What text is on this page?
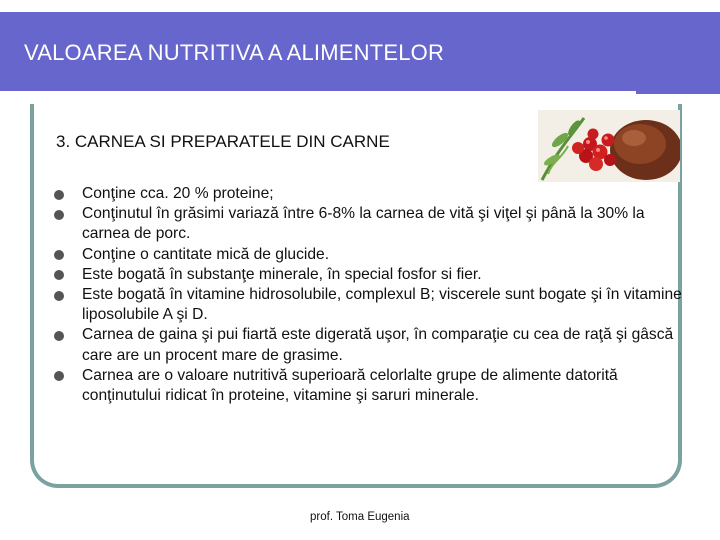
VALOAREA NUTRITIVA A ALIMENTELOR
3. CARNEA SI PREPARATELE DIN CARNE
Conţine cca. 20 % proteine;
Conţinutul în grăsimi variază între 6-8% la carnea de vită şi viţel şi până la 30% la carnea de porc.
Conţine o cantitate mică de glucide.
Este bogată în substanţe minerale, în special fosfor si fier.
Este bogată în vitamine hidrosolubile, complexul B; viscerele sunt bogate şi în vitamine liposolubile A şi D.
Carnea de gaina şi pui fiartă este digerată uşor, în comparaţie cu cea de raţă şi gâscă care are un procent mare de grasime.
Carnea are o valoare nutritivă superioară celorlalte grupe de alimente datorită conţinutului ridicat în proteine, vitamine şi saruri minerale.
prof. Toma Eugenia
